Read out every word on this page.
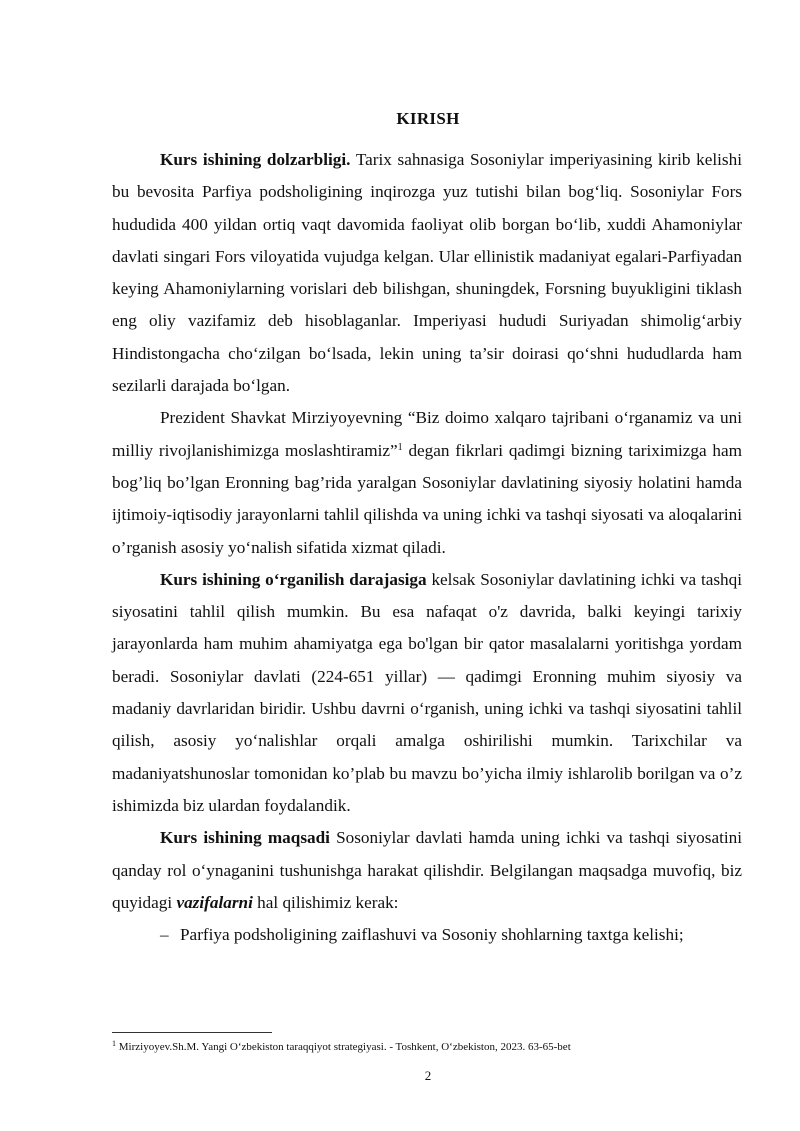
KIRISH

Kurs ishining dolzarbligi. Tarix sahnasiga Sosoniylar imperiyasining kirib kelishi bu bevosita Parfiya podsholigining inqirozga yuz tutishi bilan bog‘liq. Sosoniylar Fors hududida 400 yildan ortiq vaqt davomida faoliyat olib borgan bo‘lib, xuddi Ahamoniylar davlati singari Fors viloyatida vujudga kelgan. Ular ellinistik madaniyat egalari-Parfiyadan keying Ahamoniylarning vorislari deb bilishgan, shuningdek, Forsning buyukligini tiklash eng oliy vazifamiz deb hisoblaganlar. Imperiyasi hududi Suriyadan shimolig‘arbiy Hindistongacha cho‘zilgan bo‘lsada, lekin uning ta’sir doirasi qo‘shni hududlarda ham sezilarli darajada bo‘lgan.

Prezident Shavkat Mirziyoyevning “Biz doimo xalqaro tajribani o‘rganamiz va uni milliy rivojlanishimizga moslashtiramiz”$^1$ degan fikrlari qadimgi bizning tariximizga ham bog’liq bo’lgan Eronning bag’rida yaralgan Sosoniylar davlatining siyosiy holatini hamda ijtimoiy-iqtisodiy jarayonlarni tahlil qilishda va uning ichki va tashqi siyosati va aloqalarini o’rganish asosiy yo‘nalish sifatida xizmat qiladi.

Kurs ishining o‘rganilish darajasiga kelsak Sosoniylar davlatining ichki va tashqi siyosatini tahlil qilish mumkin. Bu esa nafaqat o'z davrida, balki keyingi tarixiy jarayonlarda ham muhim ahamiyatga ega bo'lgan bir qator masalalarni yoritishga yordam beradi. Sosoniylar davlati (224-651 yillar) — qadimgi Eronning muhim siyosiy va madaniy davrlaridan biridir. Ushbu davrni o‘rganish, uning ichki va tashqi siyosatini tahlil qilish, asosiy yo‘nalishlar orqali amalga oshirilishi mumkin. Tarixchilar va madaniyatshunoslar tomonidan ko’plab bu mavzu bo’yicha ilmiy ishlarolib borilgan va o’z ishimizda biz ulardan foydalandik.

Kurs ishining maqsadi Sosoniylar davlati hamda uning ichki va tashqi siyosatini qanday rol o‘ynaganini tushunishga harakat qilishdir. Belgilangan maqsadga muvofiq, biz quyidagi vazifalarni hal qilishimiz kerak:

– Parfiya podsholigining zaiflashuvi va Sosoniy shohlarning taxtga kelishi;

$^1$ Mirziyoyev.Sh.M. Yangi O‘zbekiston taraqqiyot strategiyasi. - Toshkent, O‘zbekiston, 2023. 63-65-bet
2
